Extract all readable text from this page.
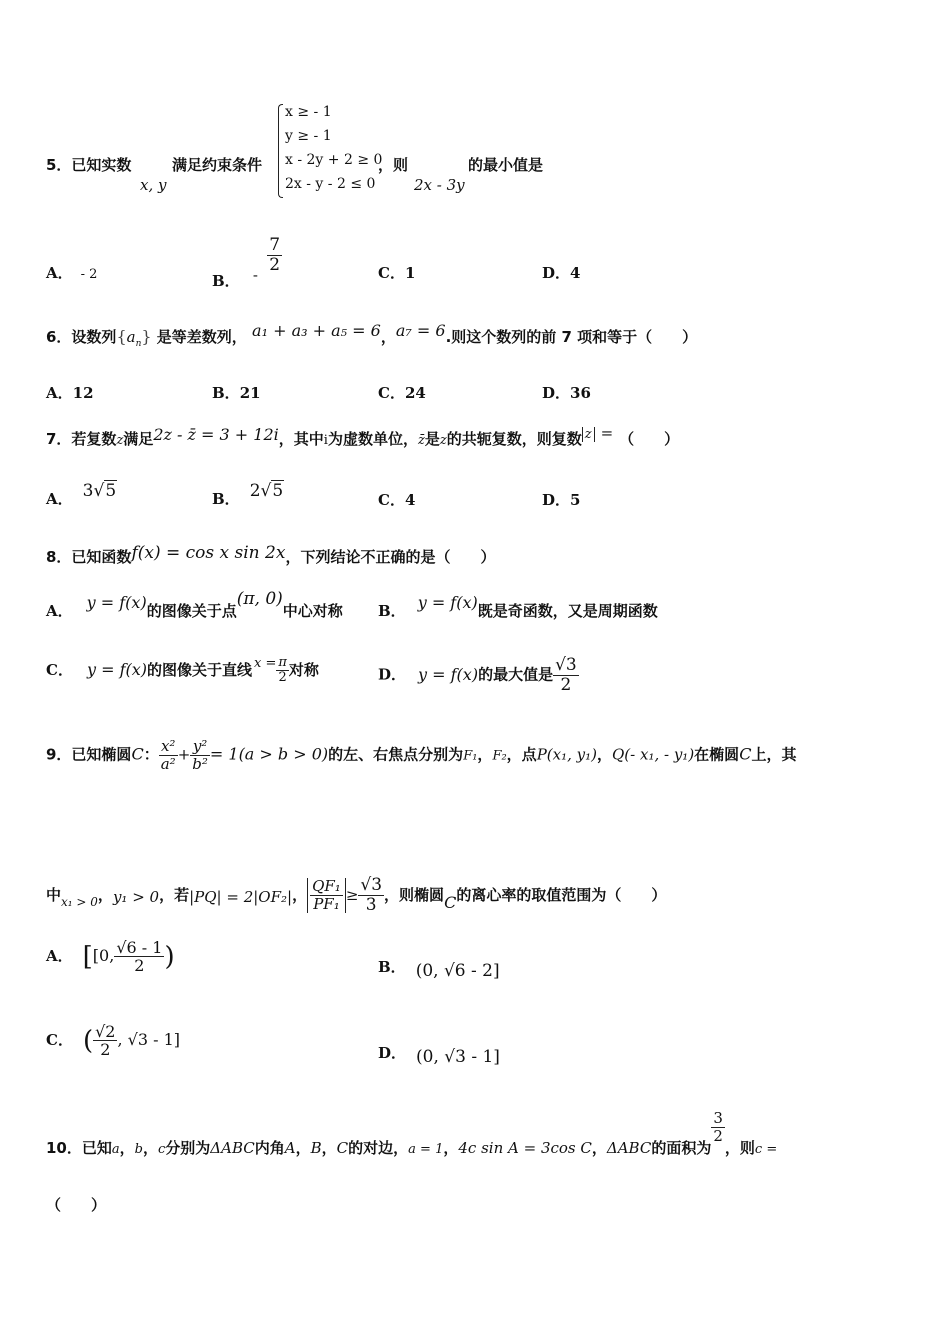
5．已知实数
x, y
满足约束条件
x ≥ - 1
y ≥ - 1
x - 2y + 2 ≥ 0
2x - y - 2 ≤ 0
，则
2x - 3y
的最小值是
A． - 2	B． - $\frac{7}{2}$	C．1	D．4
6．设数列$\{a_n\}$ 是等差数列， a₁ + a₃ + a₅ = 6，a₇ = 6.则这个数列的前 7 项和等于（　　）
A．12	B．21	C．24	D．36
7．若复数z满足2z - z̄ = 3 + 12i，其中i为虚数单位，z̄是z的共轭复数，则复数 z = （　　）
A． 3√5	B． 2√5	C．4	D．5
8．已知函数f(x) = cos x sin 2x，下列结论不正确的是（　　）
A． y = f(x)的图像关于点(π, 0)中心对称 B． y = f(x)既是奇函数，又是周期函数
C． y = f(x)的图像关于直线 $x = \frac{\pi}{2}$ 对称	D． y = f(x)的最大值是 $\frac{√3}{2}$
9．已知椭圆C： $\frac{\text{x²}}{\text{a²}} + \frac{\text{y²}}{\text{b²}} = 1(a > b > 0)$的左、右焦点分别为F₁，F₂，点P(x₁, y₁)，Q(- x₁, - y₁)在椭圆C上，其
中$_{x_1 > 0}$，y₁ > 0，若|PQ| = 2|OF₂|， $\frac{\text{QF₁}}{\text{PF₁}} \ge \frac{√3}{3}$ ，则椭圆C的离心率的取值范围为（　　）
A． [[0, $\frac{√6 - 1}{2}$ )	B． (0, √6 - 2]
C． ( $\frac{√2}{2}$ , √3 - 1]
D． (0, √3 - 1]
10．已知a，b，c分别为ΔABC内角A，B，C的对边，a = 1，4c sin A = 3cos C，ΔABC的面积为
$\frac{3}{2}$
，则c =
（　　）
